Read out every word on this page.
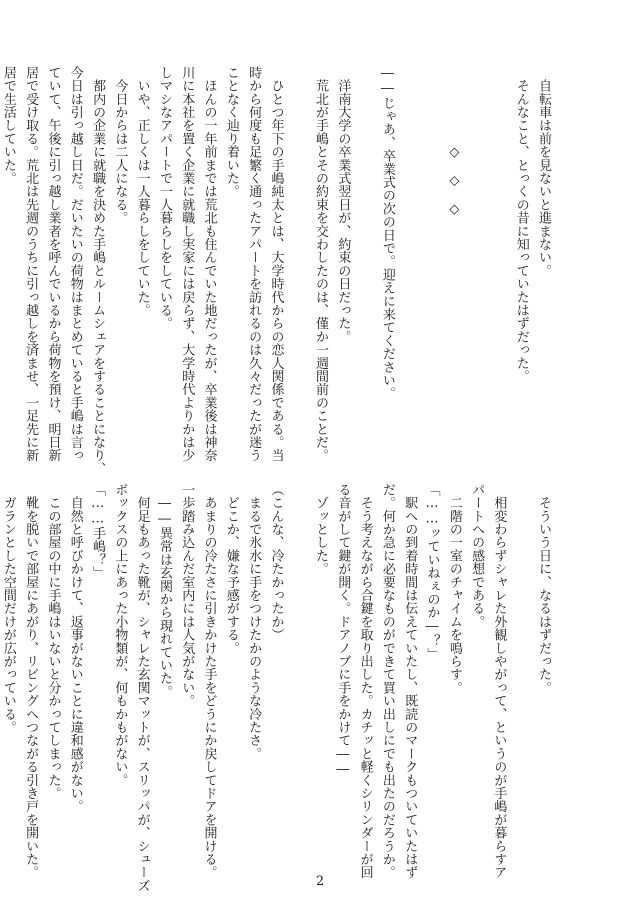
　自転車は前を見ないと進まない。
　そんなこと、とっくの昔に知っていたはずだった。
　　　　　　◇　◇　◇
――じゃあ、卒業式の次の日で。迎えに来てください。
　洋南大学の卒業式翌日が、約束の日だった。
　荒北が手嶋とその約束を交わしたのは、僅か一週間前のことだ。
　ひとつ年下の手嶋純太とは、大学時代からの恋人関係である。当
時から何度も足繁く通ったアパートを訪れるのは久々だったが迷う
ことなく辿り着いた。
　ほんの一年前までは荒北も住んでいた地だったが、卒業後は神奈
川に本社を置く企業に就職し実家には戻らず、大学時代よりかは少
しマシなアパートで一人暮らしをしている。
　いや、正しくは一人暮らしをしていた。
　今日からは二人になる。
　都内の企業に就職を決めた手嶋とルームシェアをすることになり、
今日は引っ越し日だ。だいたいの荷物はまとめていると手嶋は言っ
ていて、午後に引っ越し業者を呼んでいるから荷物を預け、明日新
居で受け取る。荒北は先週のうちに引っ越しを済ませ、一足先に新
居で生活していた。
　そういう日に、なるはずだった。
　相変わらずシャレた外観しやがって、というのが手嶋が暮らすア
パートへの感想である。
　二階の一室のチャイムを鳴らす。
「……ッていねぇのか―？」
　駅への到着時間は伝えていたし、既読のマークもついていたはず
だ。何か急に必要なものができて買い出しにでも出たのだろうか。
　そう考えながら合鍵を取り出した。カチッと軽くシリンダーが回
る音がして鍵が開く。ドアノブに手をかけて――
　ゾッとした。
（こんな、冷たかったか）
　まるで氷水に手をつけたかのような冷たさ。
　どこか、嫌な予感がする。
　あまりの冷たさに引きかけた手をどうにか戻してドアを開ける。
一歩踏み込んだ室内には人気がない。
　――異常は玄関から現れていた。
　何足もあった靴が、シャレた玄関マットが、スリッパが、シューズ
ボックスの上にあった小物類が、何もかもがない。
「……手嶋？」
　自然と呼びかけて、返事がないことに違和感がない。
　この部屋の中に手嶋はいないと分かってしまった。
　靴を脱いで部屋にあがり、リビングへつながる引き戸を開いた。
　ガランとした空間だけが広がっている。
2
